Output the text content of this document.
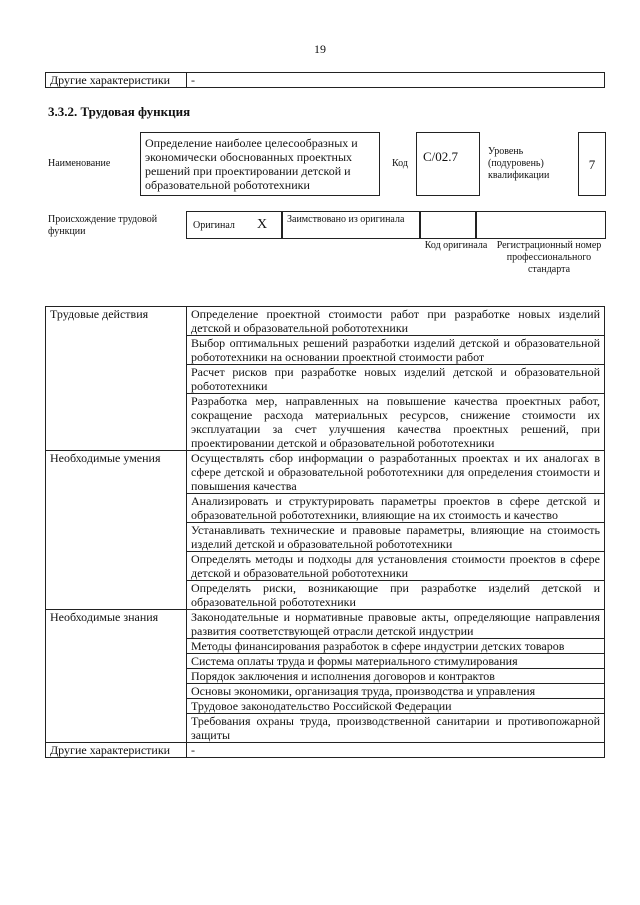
19
Другие характеристики	-
3.3.2. Трудовая функция
Наименование
Определение наиболее целесообразных и экономически обоснованных проектных решений при проектировании детской и образовательной робототехники
Код	C/02.7	Уровень (подуровень) квалификации
7
Происхождение трудовой функции
Оригинал X Заимствовано из оригинала
Код оригинала Регистрационный номер профессионального стандарта
Трудовые действия	Определение проектной стоимости работ при разработке новых изделий детской и образовательной робототехники
	Выбор оптимальных решений разработки изделий детской и образовательной робототехники на основании проектной стоимости работ
	Расчет рисков при разработке новых изделий детской и образовательной робототехники
	Разработка мер, направленных на повышение качества проектных работ, сокращение расхода материальных ресурсов, снижение стоимости их эксплуатации за счет улучшения качества проектных решений, при проектировании детской и образовательной робототехники
Необходимые умения	Осуществлять сбор информации о разработанных проектах и их аналогах в сфере детской и образовательной робототехники для определения стоимости и повышения качества
	Анализировать и структурировать параметры проектов в сфере детской и образовательной робототехники, влияющие на их стоимость и качество
	Устанавливать технические и правовые параметры, влияющие на стоимость изделий детской и образовательной робототехники
	Определять методы и подходы для установления стоимости проектов в сфере детской и образовательной робототехники
	Определять риски, возникающие при разработке изделий детской и образовательной робототехники
Необходимые знания	Законодательные и нормативные правовые акты, определяющие направления развития соответствующей отрасли детской индустрии
	Методы финансирования разработок в сфере индустрии детских товаров
	Система оплаты труда и формы материального стимулирования
	Порядок заключения и исполнения договоров и контрактов
	Основы экономики, организация труда, производства и управления
	Трудовое законодательство Российской Федерации
	Требования охраны труда, производственной санитарии и противопожарной защиты
Другие характеристики	-
